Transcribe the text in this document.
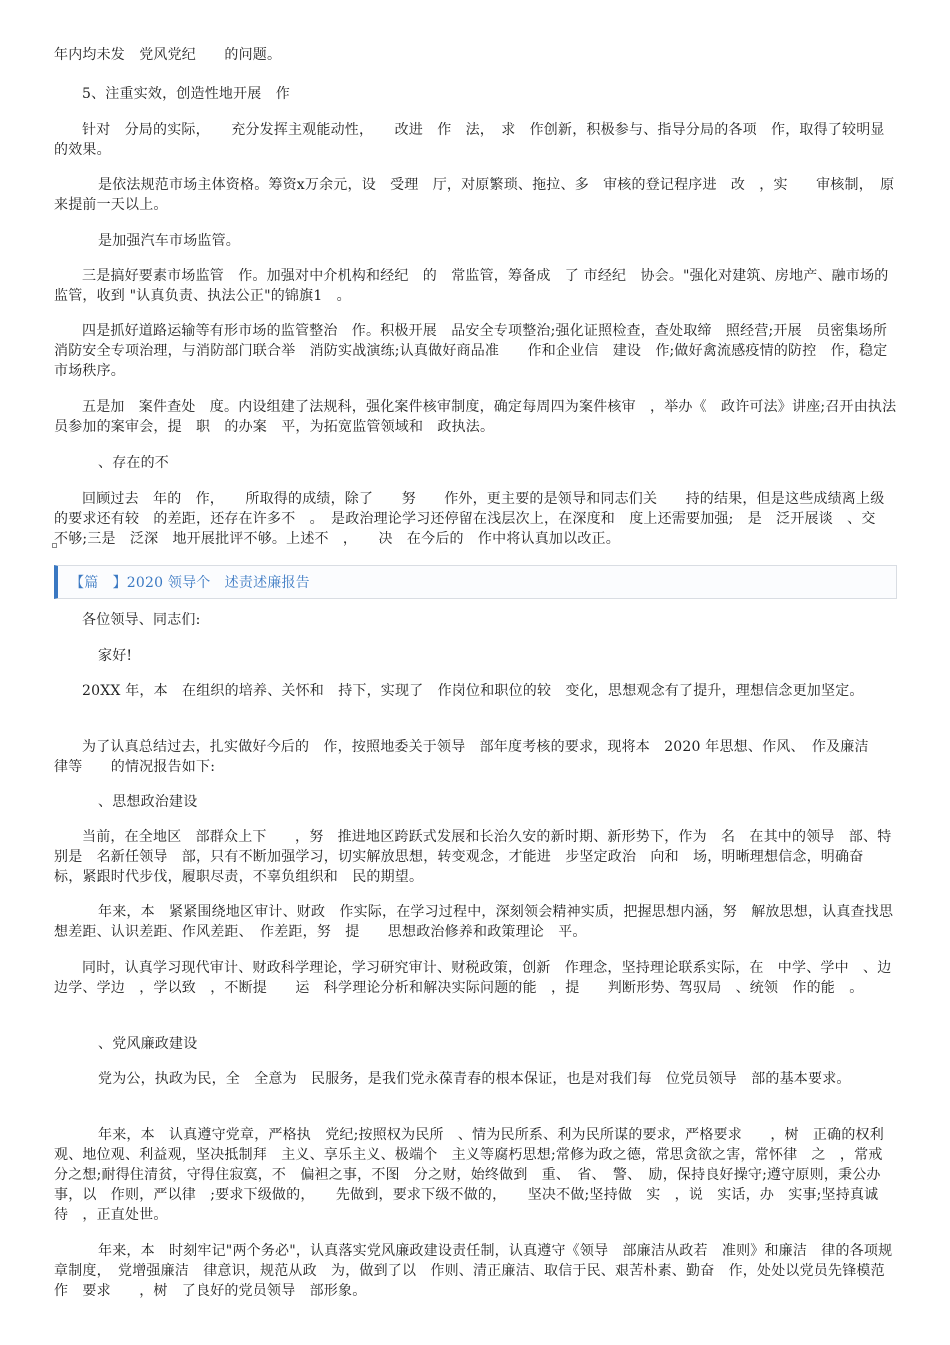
年内均未发　党风党纪　　的问题。
5、注重实效，创造性地开展　作
针对　分局的实际，　　充分发挥主观能动性，　　改进　作　法，　求　作创新，积极参与、指导分局的各项　作，取得了较明显的效果。
是依法规范市场主体资格。筹资x万余元，设　受理　厅，对原繁琐、拖拉、多　审核的登记程序进　改　，实　　审核制，　原来提前一天以上。
是加强汽车市场监管。
三是搞好要素市场监管　作。加强对中介机构和经纪　的　常监管，筹备成　了 市经纪　协会。"强化对建筑、房地产、融市场的监管，收到 "认真负责、执法公正"的锦旗1　。
四是抓好道路运输等有形市场的监管整治　作。积极开展　品安全专项整治;强化证照检查，查处取缔　照经营;开展　员密集场所消防安全专项治理，与消防部门联合举　消防实战演练;认真做好商品准　　作和企业信　建设　作;做好禽流感疫情的防控　作，稳定市场秩序。
五是加　案件查处　度。内设组建了法规科，强化案件核审制度，确定每周四为案件核审　，举办《　政许可法》讲座;召开由执法　员参加的案审会，提　职　的办案　平，为拓宽监管领域和　政执法。
、存在的不
回顾过去　年的　作，　　所取得的成绩，除了　　努　　作外，更主要的是领导和同志们关　　持的结果，但是这些成绩离上级的要求还有较　的差距，还存在许多不　。　是政治理论学习还停留在浅层次上，在深度和　度上还需要加强;　是　泛开展谈　、交　不够;三是　泛深　地开展批评不够。上述不　，　　决　在今后的　作中将认真加以改正。
【篇　】2020 领导个　述责述廉报告
各位领导、同志们:
家好!
20XX 年，本　在组织的培养、关怀和　持下，实现了　作岗位和职位的较　变化，思想观念有了提升，理想信念更加坚定。
为了认真总结过去，扎实做好今后的　作，按照地委关于领导　部年度考核的要求，现将本　2020 年思想、作风、　作及廉洁　律等　　的情况报告如下:
、思想政治建设
当前，在全地区　部群众上下　　，努　推进地区跨跃式发展和长治久安的新时期、新形势下，作为　名　在其中的领导　部、特别是　名新任领导　部，只有不断加强学习，切实解放思想，转变观念，才能进　步坚定政治　向和　场，明晰理想信念，明确奋　　标，紧跟时代步伐，履职尽责，不辜负组织和　民的期望。
年来，本　紧紧围绕地区审计、财政　作实际，在学习过程中，深刻领会精神实质，把握思想内涵，努　解放思想，认真查找思想差距、认识差距、作风差距、　作差距，努　提　　思想政治修养和政策理论　平。
同时，认真学习现代审计、财政科学理论，学习研究审计、财税政策，创新　作理念，坚持理论联系实际，在　中学、学中　、边　边学、学边　，学以致　，不断提　　运　科学理论分析和解决实际问题的能　，提　　判断形势、驾驭局　、统领　作的能　。
、党风廉政建设
党为公，执政为民，全　全意为　民服务，是我们党永葆青春的根本保证，也是对我们每　位党员领导　部的基本要求。
年来，本　认真遵守党章，严格执　党纪;按照权为民所　、情为民所系、利为民所谋的要求，严格要求　　，树　正确的权利观、地位观、利益观，坚决抵制拜　主义、享乐主义、极端个　主义等腐朽思想;常修为政之德，常思贪欲之害，常怀律　之　，常戒　分之想;耐得住清贫，守得住寂寞，不　偏袒之事，不图　分之财，始终做到　重、　省、　警、　励，保持良好操守;遵守原则，秉公办事，以　作则，严以律　;要求下级做的，　　先做到，要求下级不做的，　　坚决不做;坚持做　实　，说　实话，办　实事;坚持真诚待　，正直处世。
年来，本　时刻牢记"两个务必"，认真落实党风廉政建设责任制，认真遵守《领导　部廉洁从政若　准则》和廉洁　律的各项规章制度，　党增强廉洁　律意识，规范从政　为，做到了以　作则、清正廉洁、取信于民、艰苦朴素、勤奋　作，处处以党员先锋模范作　要求　　，树　了良好的党员领导　部形象。
